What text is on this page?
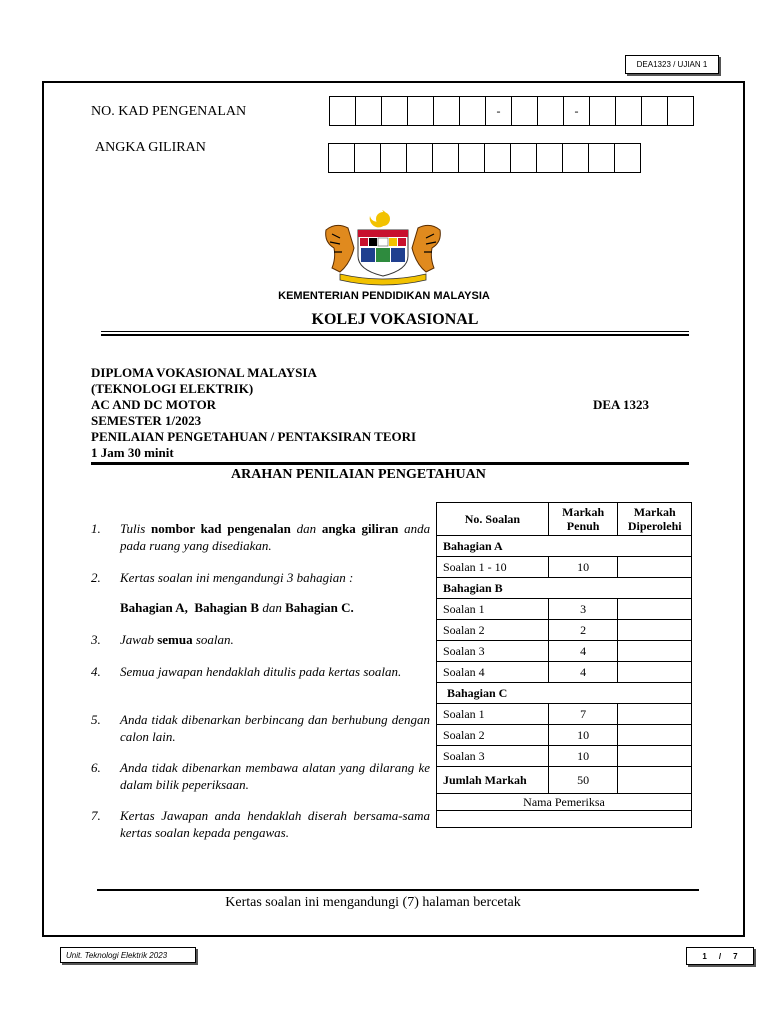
DEA1323 / UJIAN 1
NO. KAD PENGENALAN	-	-
ANGKA GILIRAN
KEMENTERIAN PENDIDIKAN MALAYSIA
KOLEJ VOKASIONAL
DIPLOMA VOKASIONAL MALAYSIA
(TEKNOLOGI ELEKTRIK)
AC AND DC MOTOR	DEA 1323
SEMESTER 1/2023
PENILAIAN PENGETAHUAN / PENTAKSIRAN TEORI
1 Jam 30 minit
ARAHAN PENILAIAN PENGETAHUAN
1. Tulis nombor kad pengenalan dan angka giliran anda pada ruang yang disediakan.
2. Kertas soalan ini mengandungi 3 bahagian :
Bahagian A, Bahagian B dan Bahagian C.
3. Jawab semua soalan.
4. Semua jawapan hendaklah ditulis pada kertas soalan.
5. Anda tidak dibenarkan berbincang dan berhubung dengan calon lain.
6. Anda tidak dibenarkan membawa alatan yang dilarang ke dalam bilik peperiksaan.
7. Kertas Jawapan anda hendaklah diserah bersama-sama kertas soalan kepada pengawas.
No. Soalan	Markah Penuh	Markah Diperolehi
Bahagian A		
Soalan 1 - 10	10	
Bahagian B		
Soalan 1	3	
Soalan 2	2	
Soalan 3	4	
Soalan 4	4	
Bahagian C		
Soalan 1	7	
Soalan 2	10	
Soalan 3	10	
Jumlah Markah	50	
Nama Pemeriksa		

Kertas soalan ini mengandungi (7) halaman bercetak
Unit. Teknologi Elektrik 2023	1 / 7
